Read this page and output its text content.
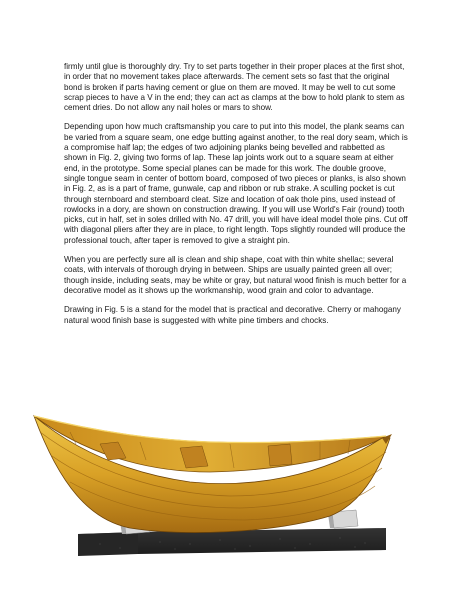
firmly until glue is thoroughly dry. Try to set parts together in their proper places at the first shot, in order that no movement takes place afterwards. The cement sets so fast that the original bond is broken if parts having cement or glue on them are moved. It may be well to cut some scrap pieces to have a V in the end; they can act as clamps at the bow to hold plank to stem as cement dries. Do not allow any nail holes or mars to show.

Depending upon how much craftsmanship you care to put into this model, the plank seams can be varied from a square seam, one edge butting against another, to the real dory seam, which is a compromise half lap; the edges of two adjoining planks being bevelled and rabbetted as shown in Fig. 2, giving two forms of lap. These lap joints work out to a square seam at either end, in the prototype. Some special planes can be made for this work. The double groove, single tongue seam in center of bottom board, composed of two pieces or planks, is also shown in Fig. 2, as is a part of frame, gunwale, cap and ribbon or rub strake. A sculling pocket is cut through sternboard and sternboard cleat. Size and location of oak thole pins, used instead of rowlocks in a dory, are shown on construction drawing. If you will use World's Fair (round) tooth picks, cut in half, set in soles drilled with No. 47 drill, you will have ideal model thole pins. Cut off with diagonal pliers after they are in place, to right length. Tops slightly rounded will produce the professional touch, after taper is removed to give a straight pin.

When you are perfectly sure all is clean and ship shape, coat with thin white shellac; several coats, with intervals of thorough drying in between. Ships are usually painted green all over; though inside, including seats, may be white or gray, but natural wood finish is much better for a decorative model as it shows up the workmanship, wood grain and color to advantage.

Drawing in Fig. 5 is a stand for the model that is practical and decorative. Cherry or mahogany natural wood finish base is suggested with white pine timbers and chocks.
